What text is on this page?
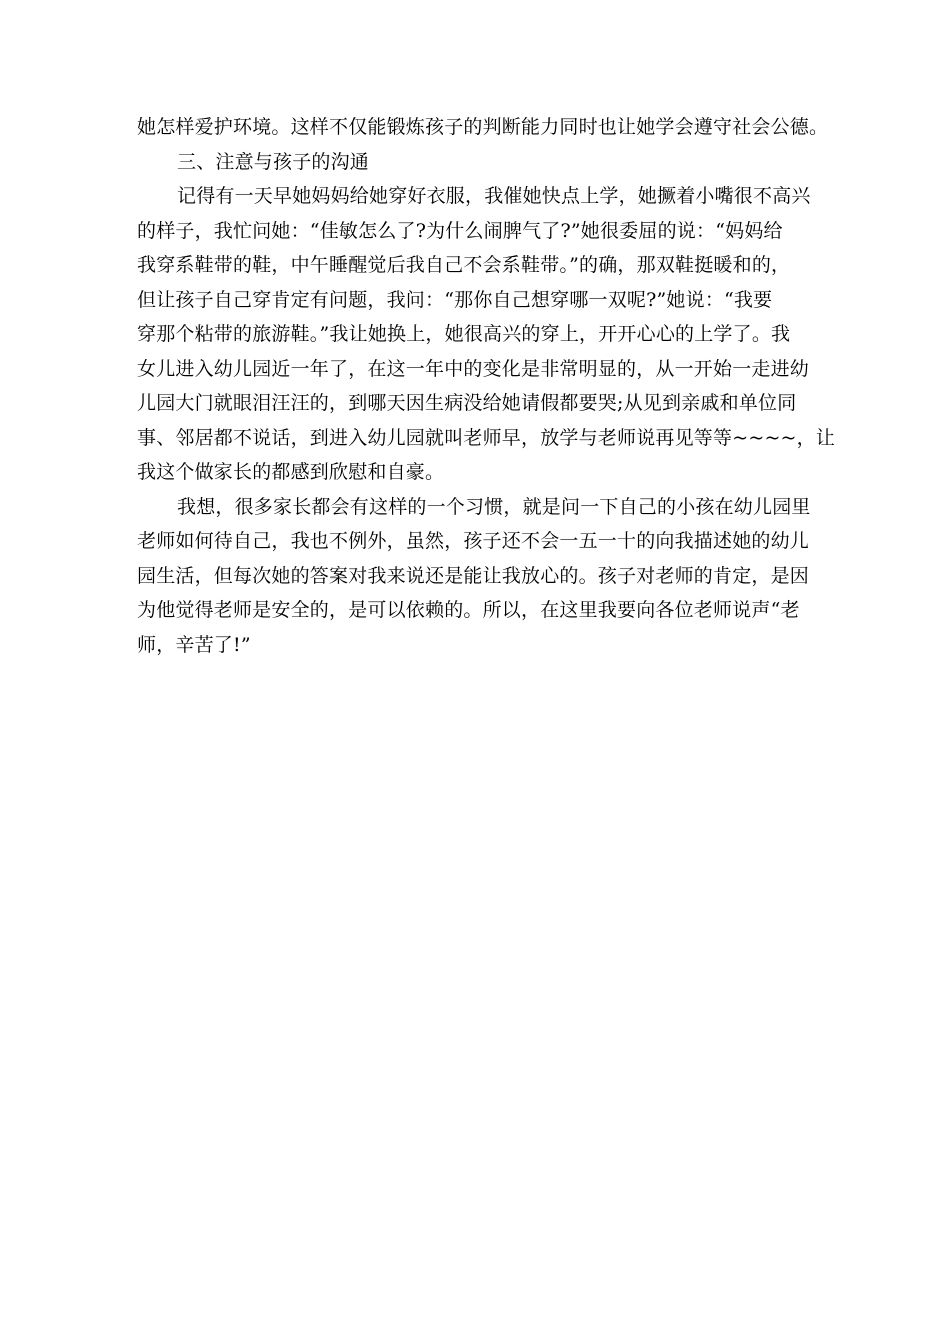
她怎样爱护环境。这样不仅能锻炼孩子的判断能力同时也让她学会遵守社会公德。
三、注意与孩子的沟通
记得有一天早她妈妈给她穿好衣服，我催她快点上学，她撅着小嘴很不高兴
的样子，我忙问她：“佳敏怎么了?为什么闹脾气了?”她很委屈的说：“妈妈给
我穿系鞋带的鞋，中午睡醒觉后我自己不会系鞋带。”的确，那双鞋挺暖和的，
但让孩子自己穿肯定有问题，我问：“那你自己想穿哪一双呢?”她说：“我要
穿那个粘带的旅游鞋。”我让她换上，她很高兴的穿上，开开心心的上学了。我
女儿进入幼儿园近一年了，在这一年中的变化是非常明显的，从一开始一走进幼
儿园大门就眼泪汪汪的，到哪天因生病没给她请假都要哭;从见到亲戚和单位同
事、邻居都不说话，到进入幼儿园就叫老师早，放学与老师说再见等等~~~~，让
我这个做家长的都感到欣慰和自豪。
我想，很多家长都会有这样的一个习惯，就是问一下自己的小孩在幼儿园里
老师如何待自己，我也不例外，虽然，孩子还不会一五一十的向我描述她的幼儿
园生活，但每次她的答案对我来说还是能让我放心的。孩子对老师的肯定，是因
为他觉得老师是安全的，是可以依赖的。所以，在这里我要向各位老师说声“老
师，辛苦了!”
